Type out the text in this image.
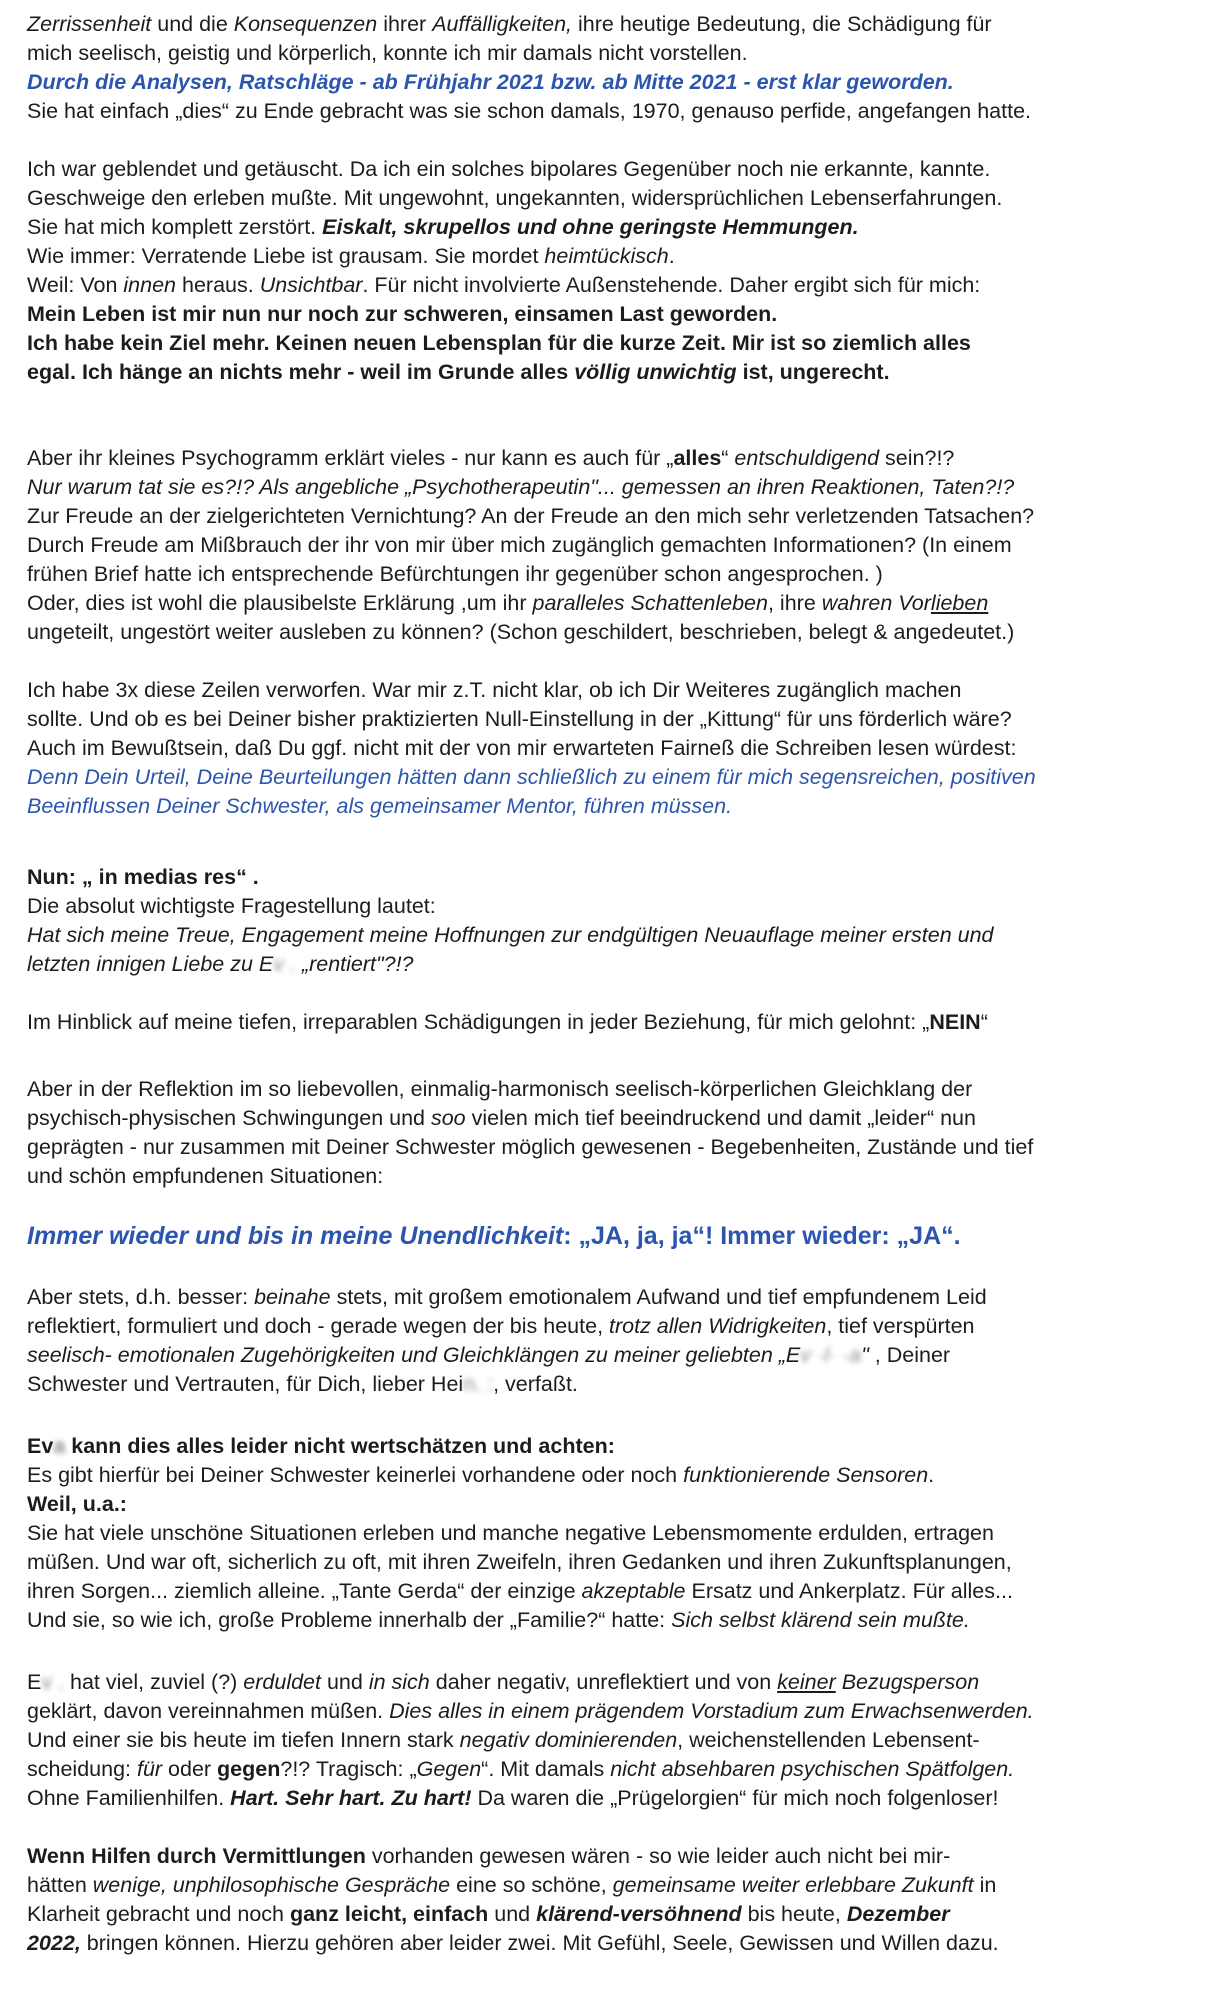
Zerrissenheit und die Konsequenzen ihrer Auffälligkeiten, ihre heutige Bedeutung, die Schädigung für
mich seelisch, geistig und körperlich, konnte ich mir damals nicht vorstellen.
Durch die Analysen, Ratschläge - ab Frühjahr 2021 bzw. ab Mitte 2021 - erst klar geworden.
Sie hat einfach „dies“ zu Ende gebracht was sie schon damals, 1970, genauso perfide, angefangen hatte.
Ich war geblendet und getäuscht. Da ich ein solches bipolares Gegenüber noch nie erkannte, kannte.
Geschweige den erleben mußte. Mit ungewohnt, ungekannten, widersprüchlichen Lebenserfahrungen.
Sie hat mich komplett zerstört. Eiskalt, skrupellos und ohne geringste Hemmungen.
Wie immer: Verratende Liebe ist grausam. Sie mordet heimtückisch.
Weil: Von innen heraus. Unsichtbar. Für nicht involvierte Außenstehende. Daher ergibt sich für mich:
Mein Leben ist mir nun nur noch zur schweren, einsamen Last geworden.
Ich habe kein Ziel mehr. Keinen neuen Lebensplan für die kurze Zeit. Mir ist so ziemlich alles
egal. Ich hänge an nichts mehr - weil im Grunde alles völlig unwichtig ist, ungerecht.
Aber ihr kleines Psychogramm erklärt vieles - nur kann es auch für „alles“ entschuldigend sein?!?
Nur warum tat sie es?!? Als angebliche „Psychotherapeutin"... gemessen an ihren Reaktionen, Taten?!?
Zur Freude an der zielgerichteten Vernichtung? An der Freude an den mich sehr verletzenden Tatsachen?
Durch Freude am Mißbrauch der ihr von mir über mich zugänglich gemachten Informationen? (In einem
frühen Brief hatte ich entsprechende Befürchtungen ihr gegenüber schon angesprochen. )
Oder, dies ist wohl die plausibelste Erklärung ,um ihr paralleles Schattenleben, ihre wahren Vorlieben
ungeteilt, ungestört weiter ausleben zu können? (Schon geschildert, beschrieben, belegt & angedeutet.)
Ich habe 3x diese Zeilen verworfen. War mir z.T. nicht klar, ob ich Dir Weiteres zugänglich machen
sollte. Und ob es bei Deiner bisher praktizierten Null-Einstellung in der „Kittung“ für uns förderlich wäre?
Auch im Bewußtsein, daß Du ggf. nicht mit der von mir erwarteten Fairneß die Schreiben lesen würdest:
Denn Dein Urteil, Deine Beurteilungen hätten dann schließlich zu einem für mich segensreichen, positiven
Beeinflussen Deiner Schwester, als gemeinsamer Mentor, führen müssen.
Nun: „ in medias res“ .
Die absolut wichtigste Fragestellung lautet:
Hat sich meine Treue, Engagement meine Hoffnungen zur endgültigen Neuauflage meiner ersten und
letzten innigen Liebe zu Ev . „rentiert"?!?
Im Hinblick auf meine tiefen, irreparablen Schädigungen in jeder Beziehung, für mich gelohnt: „NEIN“
Aber in der Reflektion im so liebevollen, einmalig-harmonisch seelisch-körperlichen Gleichklang der
psychisch-physischen Schwingungen und soo vielen mich tief beeindruckend und damit „leider“ nun
geprägten - nur zusammen mit Deiner Schwester möglich gewesenen - Begebenheiten, Zustände und tief
und schön empfundenen Situationen:
Immer wieder und bis in meine Unendlichkeit: „JA, ja, ja“! Immer wieder: „JA“.
Aber stets, d.h. besser: beinahe stets, mit großem emotionalem Aufwand und tief empfundenem Leid
reflektiert, formuliert und doch - gerade wegen der bis heute, trotz allen Widrigkeiten, tief verspürten
seelisch- emotionalen Zugehörigkeiten und Gleichklängen zu meiner geliebten „Ev ·l· ·a" , Deiner
Schwester und Vertrauten, für Dich, lieber Hein. :, verfaßt.
Eva kann dies alles leider nicht wertschätzen und achten:
Es gibt hierfür bei Deiner Schwester keinerlei vorhandene oder noch funktionierende Sensoren.
Weil, u.a.:
Sie hat viele unschöne Situationen erleben und manche negative Lebensmomente erdulden, ertragen
müßen. Und war oft, sicherlich zu oft, mit ihren Zweifeln, ihren Gedanken und ihren Zukunftsplanungen,
ihren Sorgen... ziemlich alleine. „Tante Gerda“ der einzige akzeptable Ersatz und Ankerplatz. Für alles...
Und sie, so wie ich, große Probleme innerhalb der „Familie?“ hatte: Sich selbst klärend sein mußte.
Ev . hat viel, zuviel (?) erduldet und in sich daher negativ, unreflektiert und von keiner Bezugsperson
geklärt, davon vereinnahmen müßen. Dies alles in einem prägendem Vorstadium zum Erwachsenwerden.
Und einer sie bis heute im tiefen Innern stark negativ dominierenden, weichenstellenden Lebensent-
scheidung: für oder gegen?!? Tragisch: „Gegen“. Mit damals nicht absehbaren psychischen Spätfolgen.
Ohne Familienhilfen. Hart. Sehr hart. Zu hart! Da waren die „Prügelorgien“ für mich noch folgenloser!
Wenn Hilfen durch Vermittlungen vorhanden gewesen wären - so wie leider auch nicht bei mir-
hätten wenige, unphilosophische Gespräche eine so schöne, gemeinsame weiter erlebbare Zukunft in
Klarheit gebracht und noch ganz leicht, einfach und klärend-versöhnend bis heute, Dezember
2022, bringen können. Hierzu gehören aber leider zwei. Mit Gefühl, Seele, Gewissen und Willen dazu.
